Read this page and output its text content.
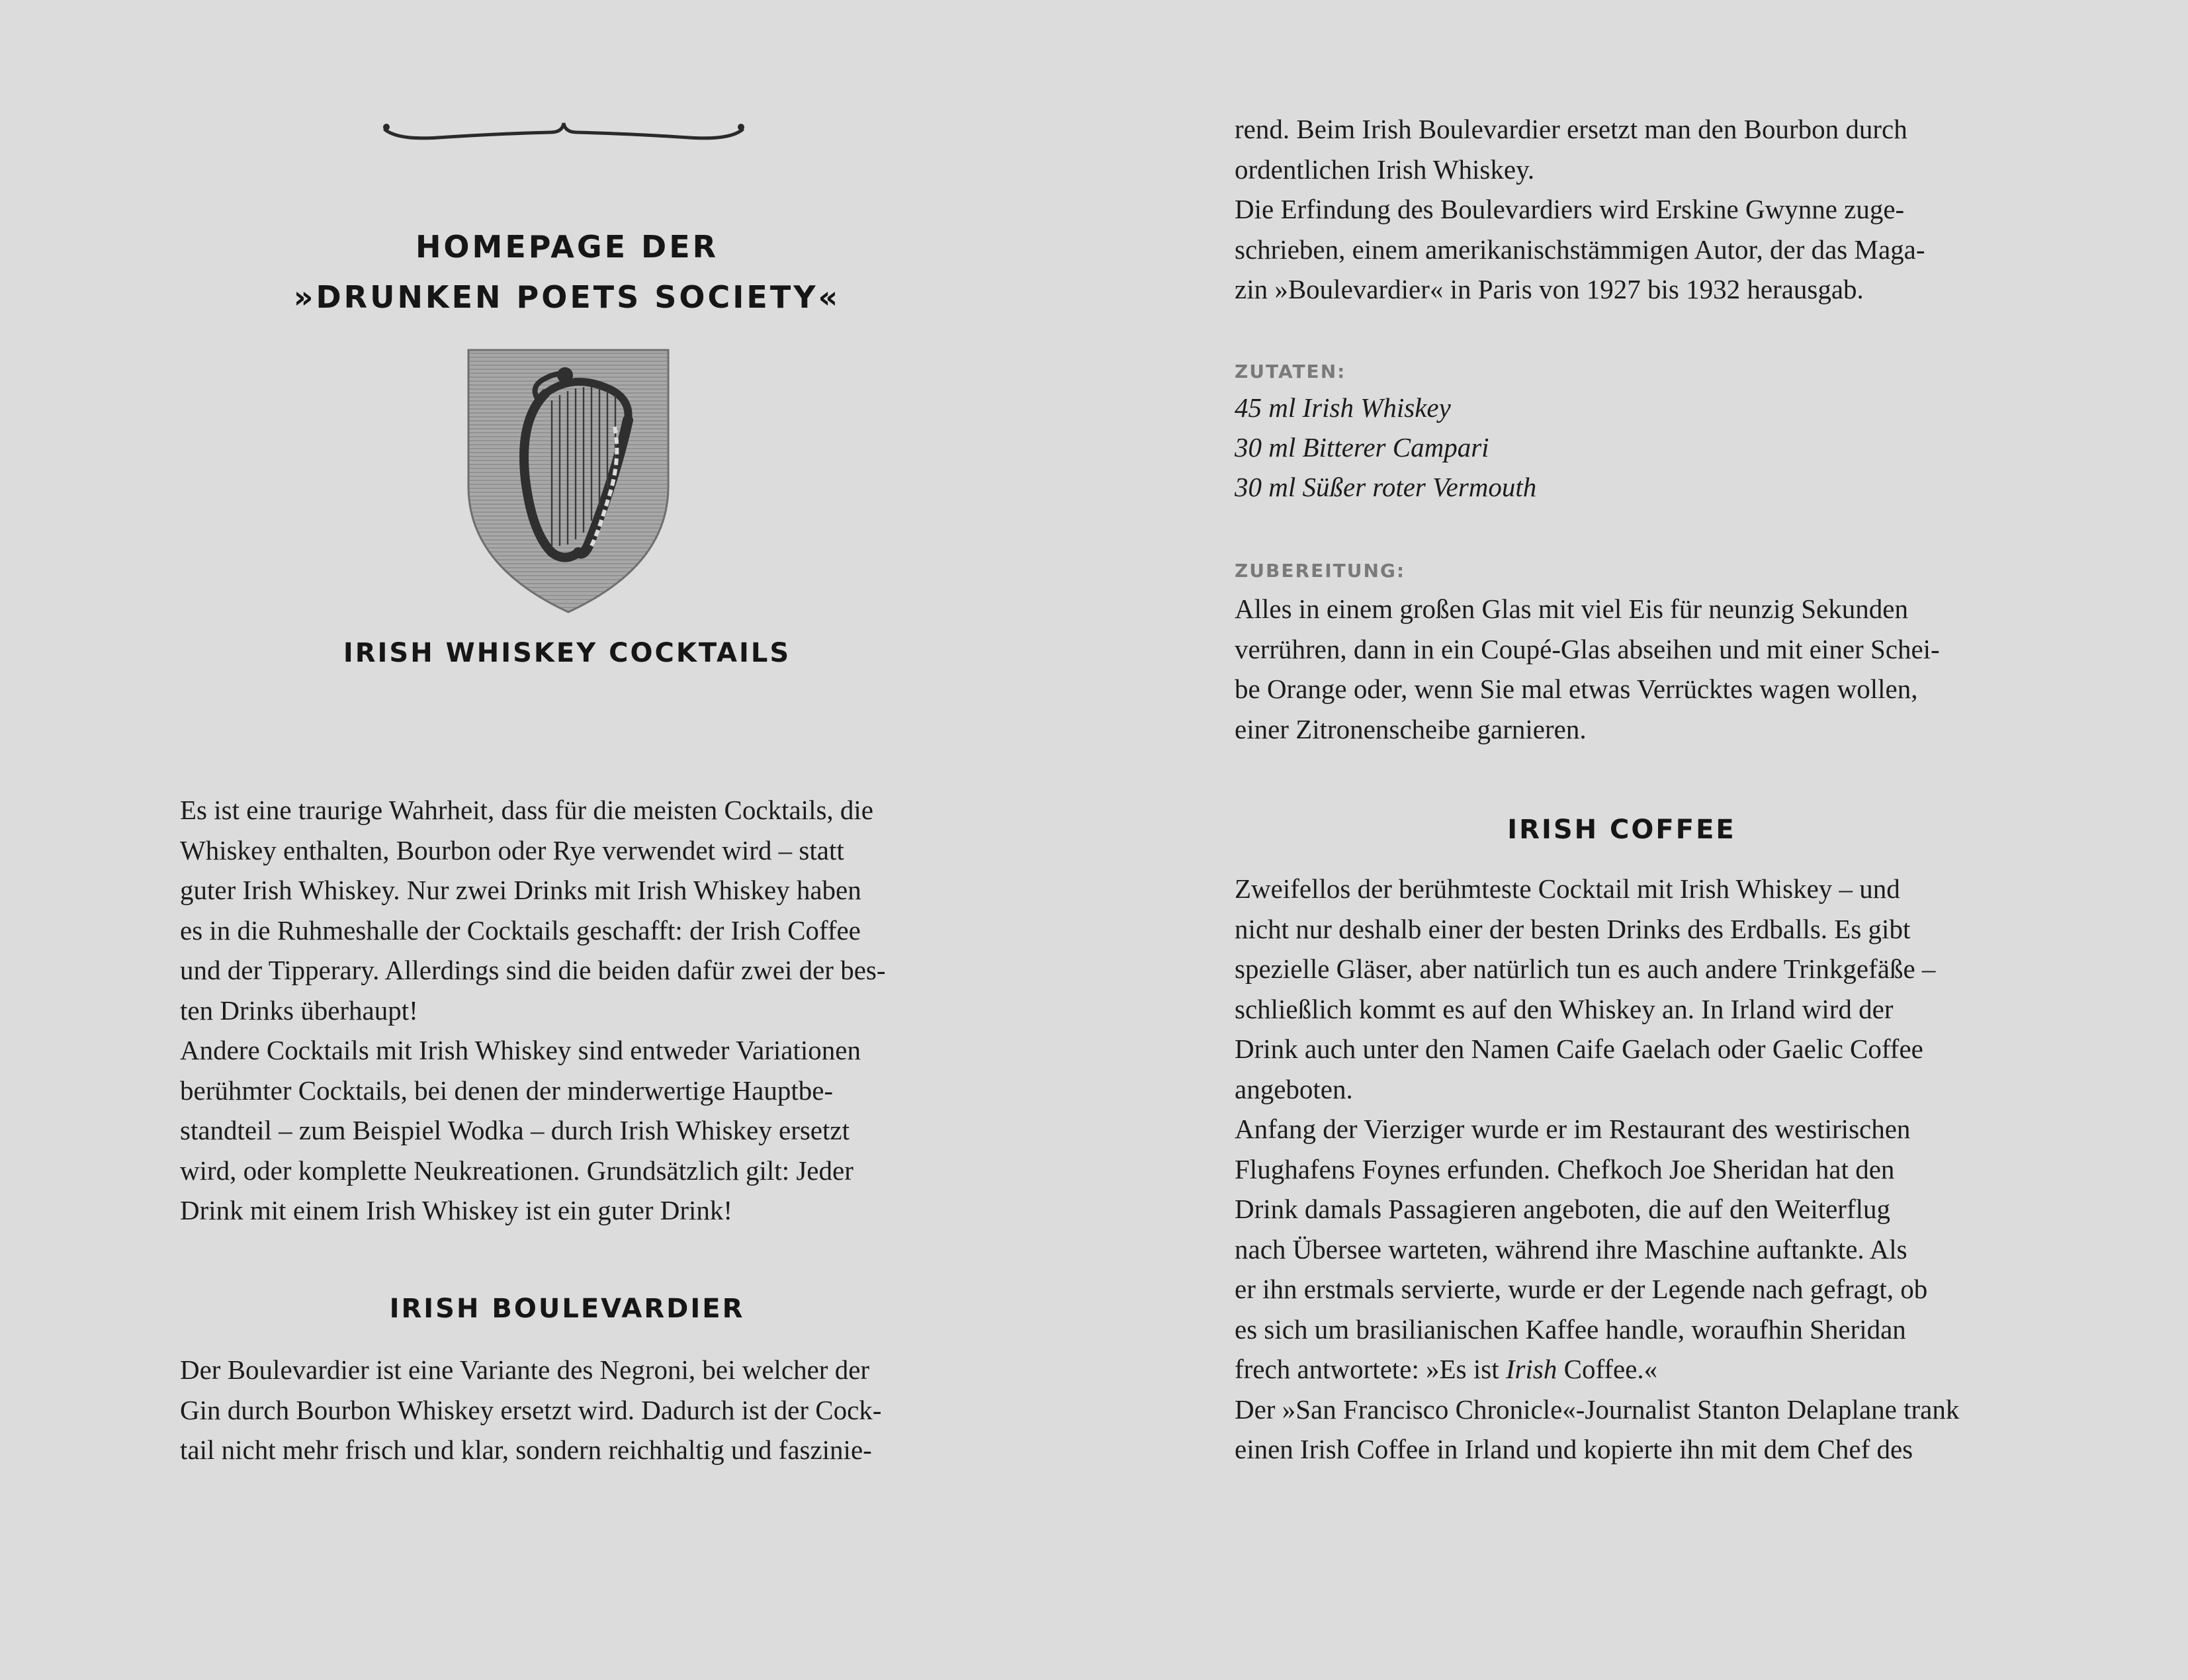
HOMEPAGE DER
»DRUNKEN POETS SOCIETY«
IRISH WHISKEY COCKTAILS
Es ist eine traurige Wahrheit, dass für die meisten Cocktails, die
Whiskey enthalten, Bourbon oder Rye verwendet wird – statt
guter Irish Whiskey. Nur zwei Drinks mit Irish Whiskey haben
es in die Ruhmeshalle der Cocktails geschafft: der Irish Coffee
und der Tipperary. Allerdings sind die beiden dafür zwei der bes-
ten Drinks überhaupt!
Andere Cocktails mit Irish Whiskey sind entweder Variationen
berühmter Cocktails, bei denen der minderwertige Hauptbe-
standteil – zum Beispiel Wodka – durch Irish Whiskey ersetzt
wird, oder komplette Neukreationen. Grundsätzlich gilt: Jeder
Drink mit einem Irish Whiskey ist ein guter Drink!
IRISH BOULEVARDIER
Der Boulevardier ist eine Variante des Negroni, bei welcher der
Gin durch Bourbon Whiskey ersetzt wird. Dadurch ist der Cock-
tail nicht mehr frisch und klar, sondern reichhaltig und faszinie-
rend. Beim Irish Boulevardier ersetzt man den Bourbon durch
ordentlichen Irish Whiskey.
Die Erfindung des Boulevardiers wird Erskine Gwynne zuge-
schrieben, einem amerikanischstämmigen Autor, der das Maga-
zin »Boulevardier« in Paris von 1927 bis 1932 herausgab.
ZUTATEN:
45 ml Irish Whiskey
30 ml Bitterer Campari
30 ml Süßer roter Vermouth
ZUBEREITUNG:
Alles in einem großen Glas mit viel Eis für neunzig Sekunden
verrühren, dann in ein Coupé-Glas abseihen und mit einer Schei-
be Orange oder, wenn Sie mal etwas Verrücktes wagen wollen,
einer Zitronenscheibe garnieren.
IRISH COFFEE
Zweifellos der berühmteste Cocktail mit Irish Whiskey – und
nicht nur deshalb einer der besten Drinks des Erdballs. Es gibt
spezielle Gläser, aber natürlich tun es auch andere Trinkgefäße –
schließlich kommt es auf den Whiskey an. In Irland wird der
Drink auch unter den Namen Caife Gaelach oder Gaelic Coffee
angeboten.
Anfang der Vierziger wurde er im Restaurant des westirischen
Flughafens Foynes erfunden. Chefkoch Joe Sheridan hat den
Drink damals Passagieren angeboten, die auf den Weiterflug
nach Übersee warteten, während ihre Maschine auftankte. Als
er ihn erstmals servierte, wurde er der Legende nach gefragt, ob
es sich um brasilianischen Kaffee handle, woraufhin Sheridan
frech antwortete: »Es ist Irish Coffee.«
Der »San Francisco Chronicle«-Journalist Stanton Delaplane trank
einen Irish Coffee in Irland und kopierte ihn mit dem Chef des
